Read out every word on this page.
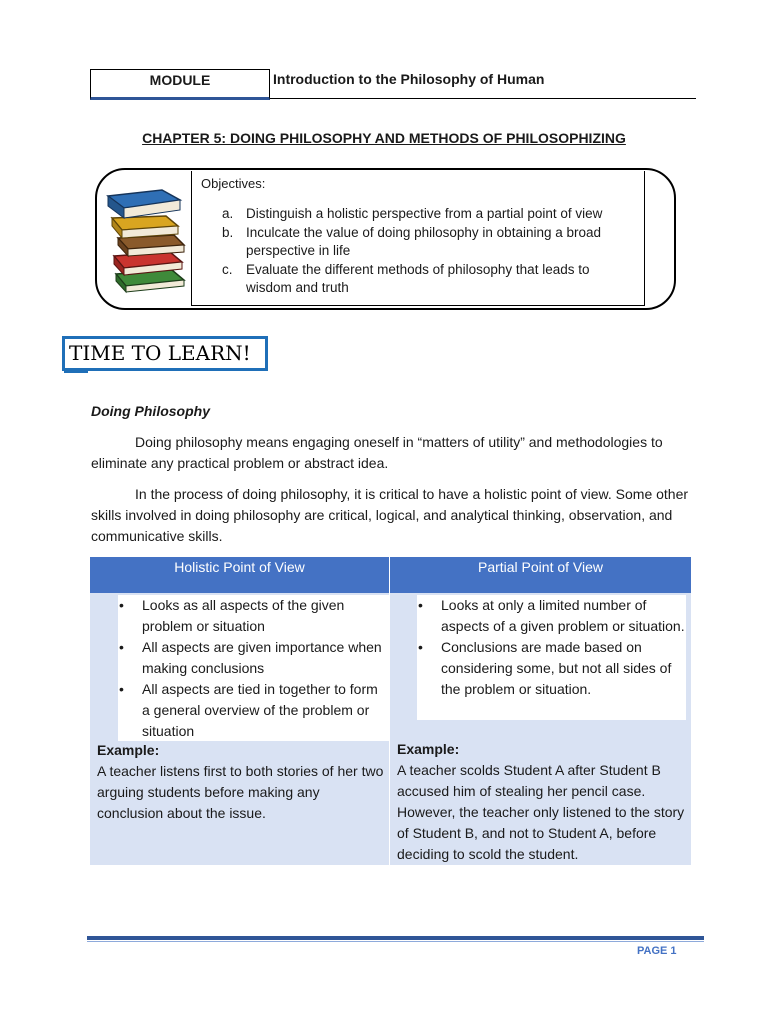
MODULE	Introduction to the Philosophy of Human
CHAPTER 5: DOING PHILOSOPHY AND METHODS OF PHILOSOPHIZING
Objectives:
a. Distinguish a holistic perspective from a partial point of view
b. Inculcate the value of doing philosophy in obtaining a broad perspective in life
c. Evaluate the different methods of philosophy that leads to wisdom and truth
TIME TO LEARN!
Doing Philosophy
Doing philosophy means engaging oneself in “matters of utility” and methodologies to eliminate any practical problem or abstract idea.
In the process of doing philosophy, it is critical to have a holistic point of view. Some other skills involved in doing philosophy are critical, logical, and analytical thinking, observation, and communicative skills.
Holistic Point of View	Partial Point of View
• Looks as all aspects of the given problem or situation
• All aspects are given importance when making conclusions
• All aspects are tied in together to form a general overview of the problem or situation
• Looks at only a limited number of aspects of a given problem or situation.
• Conclusions are made based on considering some, but not all sides of the problem or situation.
Example:
A teacher listens first to both stories of her two arguing students before making any conclusion about the issue.
Example:
A teacher scolds Student A after Student B accused him of stealing her pencil case. However, the teacher only listened to the story of Student B, and not to Student A, before deciding to scold the student.
PAGE 1
